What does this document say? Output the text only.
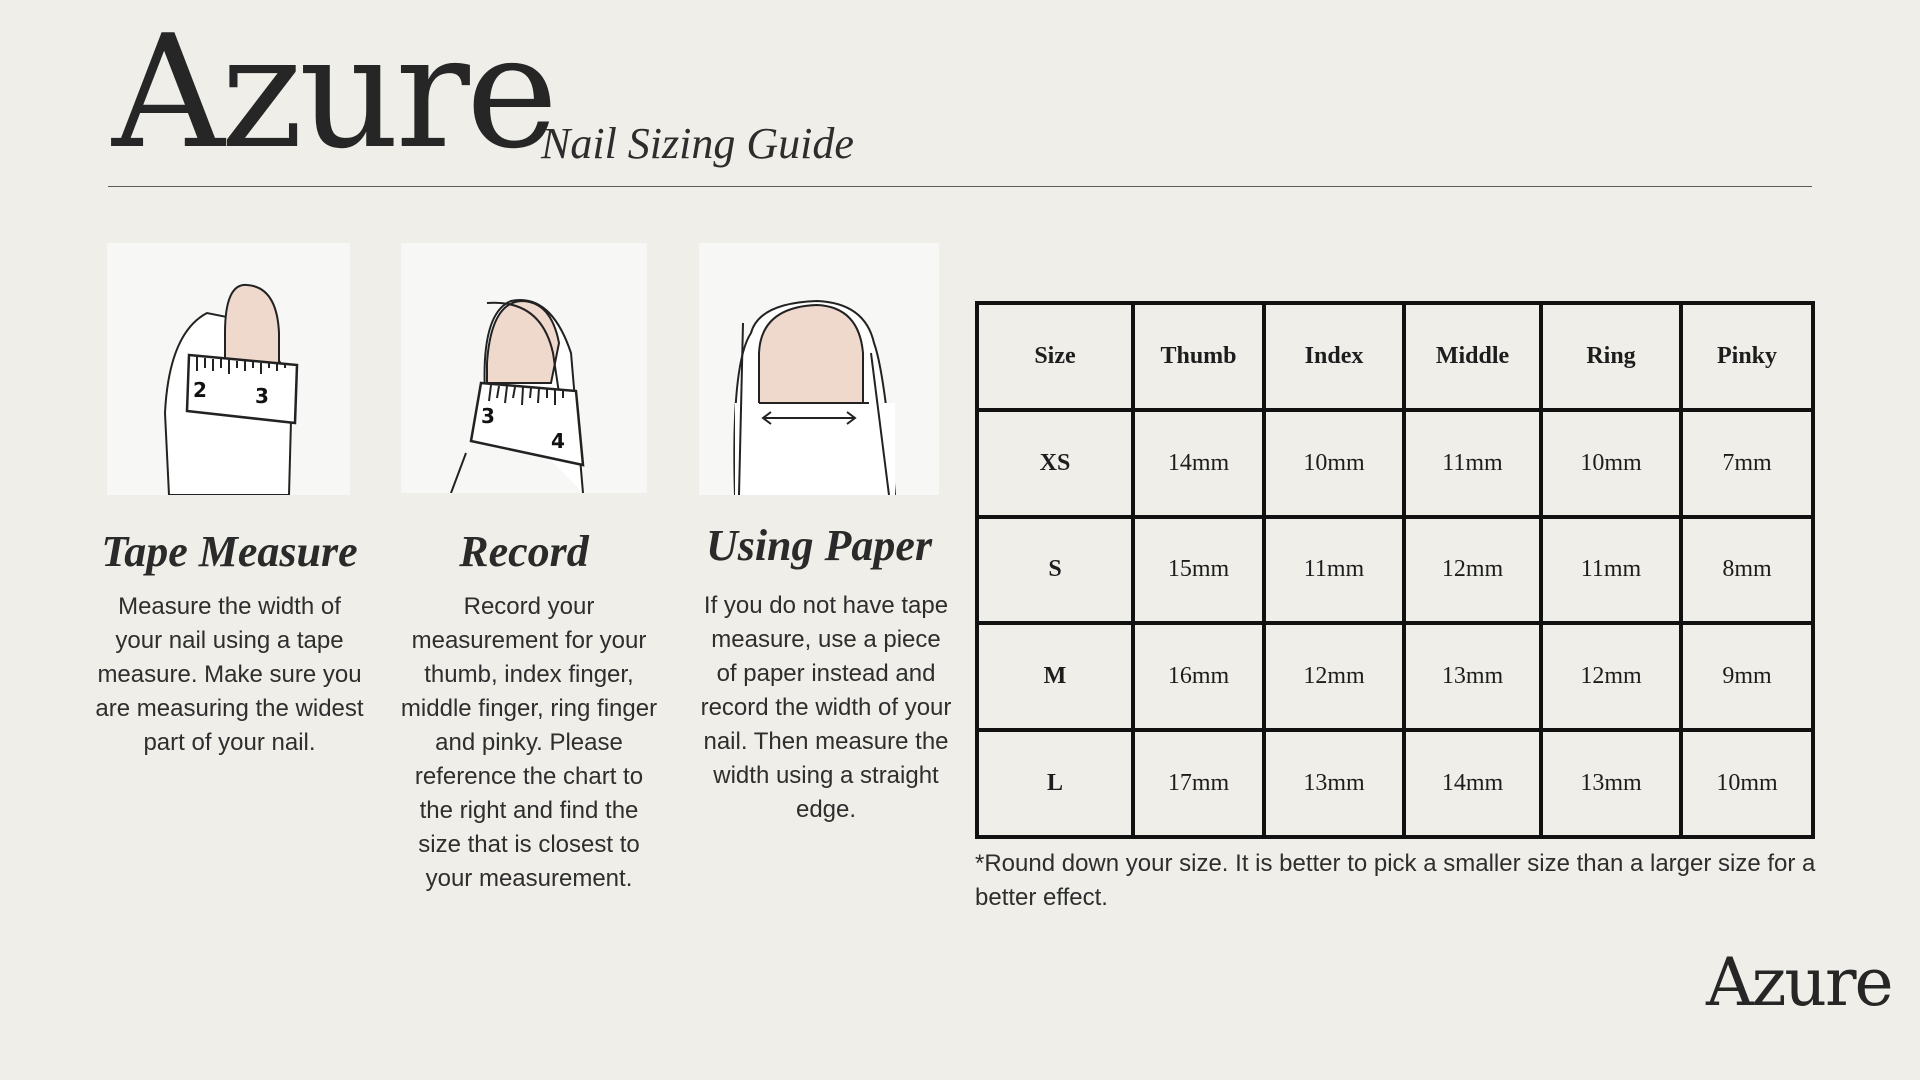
Azure
Nail Sizing Guide
2 3
Tape Measure
Measure the width of your nail using a tape measure. Make sure you are measuring the widest part of your nail.
3
4
Record
Record your measurement for your thumb, index finger, middle finger, ring finger and pinky. Please reference the chart to the right and find the size that is closest to your measurement.
Using Paper
If you do not have tape measure, use a piece of paper instead and record the width of your nail. Then measure the width using a straight edge.
Size	Thumb	Index	Middle	Ring	Pinky
XS	14mm	10mm	11mm	10mm	7mm
S	15mm	11mm	12mm	11mm	8mm
M	16mm	12mm	13mm	12mm	9mm
L	17mm	13mm	14mm	13mm	10mm
*Round down your size. It is better to pick a smaller size than a larger size for a better effect.
Azure
